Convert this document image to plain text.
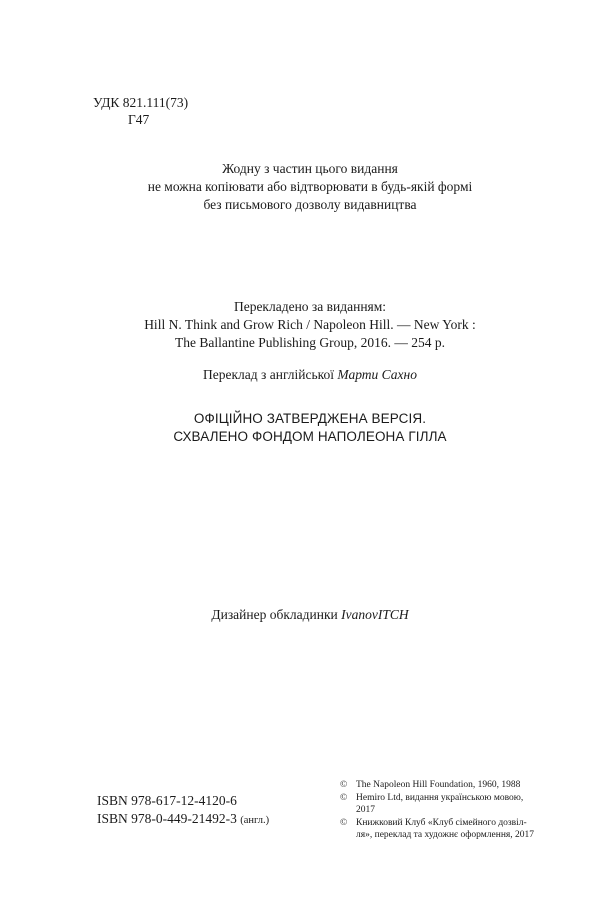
УДК 821.111(73)
Г47
Жодну з частин цього видання
не можна копіювати або відтворювати в будь-якій формі
без письмового дозволу видавництва
Перекладено за виданням:
Hill N. Think and Grow Rich / Napoleon Hill. — New York :
The Ballantine Publishing Group, 2016. — 254 p.
Переклад з англійської Марти Сахно
ОФІЦІЙНО ЗАТВЕРДЖЕНА ВЕРСІЯ.
СХВАЛЕНО ФОНДОМ НАПОЛЕОНА ГІЛЛА
Дизайнер обкладинки IvanovITCH
ISBN 978-617-12-4120-6
ISBN 978-0-449-21492-3 (англ.)
© The Napoleon Hill Foundation, 1960, 1988
© Hemiro Ltd, видання українською мовою, 2017
© Книжковий Клуб «Клуб сімейного дозвіл-
ля», переклад та художнє оформлення, 2017
